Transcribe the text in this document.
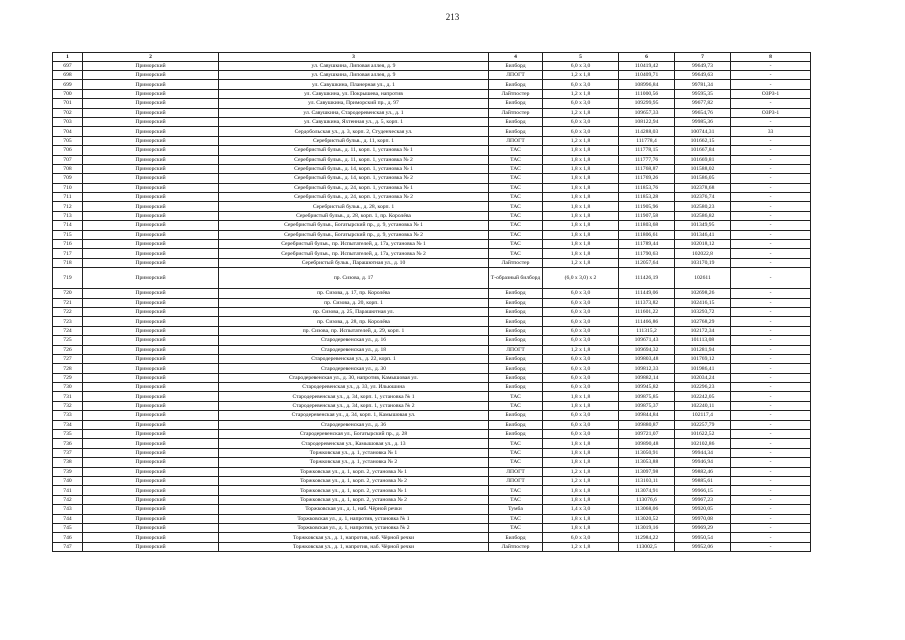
213
1	2	3	4	5	6	7	8
697	Приморский	ул. Савушкина, Липовая аллея, д. 9	Билборд	6,0 x 3,0	110419,42	99649,73	-
698	Приморский	ул. Савушкина, Липовая аллея, д. 9	ЛПОГТ	1,2 x 1,8	110409,71	99649,63	-
699	Приморский	ул. Савушкина, Планерная ул., д. 1	Билборд	6,0 x 3,0	108996,84	99781,34	-
700	Приморский	ул. Савушкина, ул. Покрышева, напротив	Лайтпостер	1,2 x 1,8	111000,56	99595,35	ОЗРЗ-1
701	Приморский	ул. Савушкина, Приморский пр., д. 97	Билборд	6,0 x 3,0	109299,95	99677,82	-
702	Приморский	ул. Савушкина, Стародеревенская ул., д. 1	Лайтпостер	1,2 x 1,8	109657,33	99654,76	ОЗРЗ-1
703	Приморский	ул. Савушкина, Яхтенная ул., д. 5, корп. 1	Билборд	6,0 x 3,0	108122,94	99985,36	-
704	Приморский	Сердобольская ул., д. 3, корп. 2, Студенческая ул.	Билборд	6,0 x 3,0	114288,03	100744,31	33
705	Приморский	Серебристый бульв., д. 11, корп. 1	ЛПОГТ	1,2 x 1,8	111778,4	101662,15	-
706	Приморский	Серебристый бульв., д. 11, корп. 1, установка № 1	ТАС	1,8 x 1,8	111778,15	101667,84	-
707	Приморский	Серебристый бульв., д. 11, корп. 1, установка № 2	ТАС	1,8 x 1,8	111777,76	101669,81	-
708	Приморский	Серебристый бульв., д. 14, корп. 1, установка № 1	ТАС	1,8 x 1,8	111768,87	101588,02	-
709	Приморский	Серебристый бульв., д. 14, корп. 1, установка № 2	ТАС	1,8 x 1,8	111769,26	101586,05	-
710	Приморский	Серебристый бульв., д. 24, корп. 1, установка № 1	ТАС	1,8 x 1,8	111853,76	102378,68	-
711	Приморский	Серебристый бульв., д. 24, корп. 1, установка № 2	ТАС	1,8 x 1,8	111853,28	102376,74	-
712	Приморский	Серебристый бульв., д. 28, корп. 1	ТАС	1,8 x 1,8	111905,96	102580,23	-
713	Приморский	Серебристый бульв., д. 28, корп. 1, пр. Королёва	ТАС	1,8 x 1,8	111907,58	102586,82	-
714	Приморский	Серебристый бульв., Богатырский пр., д. 9, установка № 1	ТАС	1,8 x 1,8	111803,68	101349,95	-
715	Приморский	Серебристый бульв., Богатырский пр., д. 9, установка № 2	ТАС	1,8 x 1,8	111806,61	101346,41	-
716	Приморский	Серебристый бульв., пр. Испытателей, д. 17а, установка № 1	ТАС	1,8 x 1,8	111789,44	102018,12	-
717	Приморский	Серебристый бульв., пр. Испытателей, д. 17а, установка № 2	ТАС	1,8 x 1,8	111790,63	102022,8	-
718	Приморский	Серебристый бульв., Парашютная ул., д. 10	Лайтпостер	1,2 x 1,8	112057,64	103170,19	-
719	Приморский	пр. Сизова, д. 17	Т-образный билборд	(6,0 x 3,0) x 2	111426,19	102611	-
720	Приморский	пр. Сизова, д. 17, пр. Королёва	Билборд	6,0 x 3,0	111449,06	102698,26	-
721	Приморский	пр. Сизова, д. 20, корп. 1	Билборд	6,0 x 3,0	111373,82	102416,15	-
722	Приморский	пр. Сизова, д. 25, Парашютная ул.	Билборд	6,0 x 3,0	111601,22	103293,72	-
723	Приморский	пр. Сизова, д. 28, пр. Королёва	Билборд	6,0 x 3,0	111466,86	102768,29	-
724	Приморский	пр. Сизова, пр. Испытателей, д. 29, корп. 1	Билборд	6,0 x 3,0	111315,2	102172,34	-
725	Приморский	Стародеревенская ул., д. 16	Билборд	6,0 x 3,0	109671,43	101113,08	-
726	Приморский	Стародеревенская ул., д. 18	ЛПОГТ	1,2 x 1,8	109694,32	101281,94	-
727	Приморский	Стародеревенская ул., д. 22, корп. 1	Билборд	6,0 x 3,0	109803,48	101769,12	-
728	Приморский	Стародеревенская ул., д. 30	Билборд	6,0 x 3,0	109812,33	101986,41	-
729	Приморский	Стародеревенская ул., д. 30, напротив, Камышовая ул.	Билборд	6,0 x 3,0	109882,14	102034,24	-
730	Приморский	Стародеревенская ул., д. 33, ул. Ильюшина	Билборд	6,0 x 3,0	109945,82	102296,23	-
731	Приморский	Стародеревенская ул., д. 34, корп. 1, установка № 1	ТАС	1,8 x 1,8	109875,85	102242,05	-
732	Приморский	Стародеревенская ул., д. 34, корп. 1, установка № 2	ТАС	1,8 x 1,8	109875,37	102240,11	-
733	Приморский	Стародеревенская ул., д. 34, корп. 1, Камышовая ул.	Билборд	6,0 x 3,0	109844,84	102117,4	-
734	Приморский	Стародеревенская ул., д. 36	Билборд	6,0 x 3,0	109880,87	102257,79	-
735	Приморский	Стародеревенская ул., Богатырский пр., д. 28	Билборд	6,0 x 3,0	109721,07	101622,52	-
736	Приморский	Стародеревенская ул., Камышовая ул., д. 13	ТАС	1,8 x 1,8	109890,48	102102,86	-
737	Приморский	Торжковская ул., д. 1, установка № 1	ТАС	1,8 x 1,8	113050,91	99944,34	-
738	Приморский	Торжковская ул., д. 1, установка № 2	ТАС	1,8 x 1,8	113053,88	99946,94	-
739	Приморский	Торжковская ул., д. 1, корп. 2, установка № 1	ЛПОГТ	1,2 x 1,8	113097,98	99882,46	-
740	Приморский	Торжковская ул., д. 1, корп. 2, установка № 2	ЛПОГТ	1,2 x 1,8	113103,11	99885,61	-
741	Приморский	Торжковская ул., д. 1, корп. 2, установка № 1	ТАС	1,8 x 1,8	113074,91	99966,15	-
742	Приморский	Торжковская ул., д. 1, корп. 2, установка № 2	ТАС	1,8 x 1,8	113076,6	99967,23	-
743	Приморский	Торжковская ул., д. 1, наб. Чёрной речки	Тумба	1,4 x 3,0	113068,06	99920,05	-
744	Приморский	Торжковская ул., д. 1, напротив, установка № 1	ТАС	1,8 x 1,8	113020,52	99970,08	-
745	Приморский	Торжковская ул., д. 1, напротив, установка № 2	ТАС	1,8 x 1,8	113019,16	99969,29	-
746	Приморский	Торжковская ул., д. 1, напротив, наб. Чёрной речки	Билборд	6,0 x 3,0	112984,22	99950,54	-
747	Приморский	Торжковская ул., д. 1, напротив, наб. Чёрной речки	Лайтпостер	1,2 x 1,8	113002,5	99952,06	-
